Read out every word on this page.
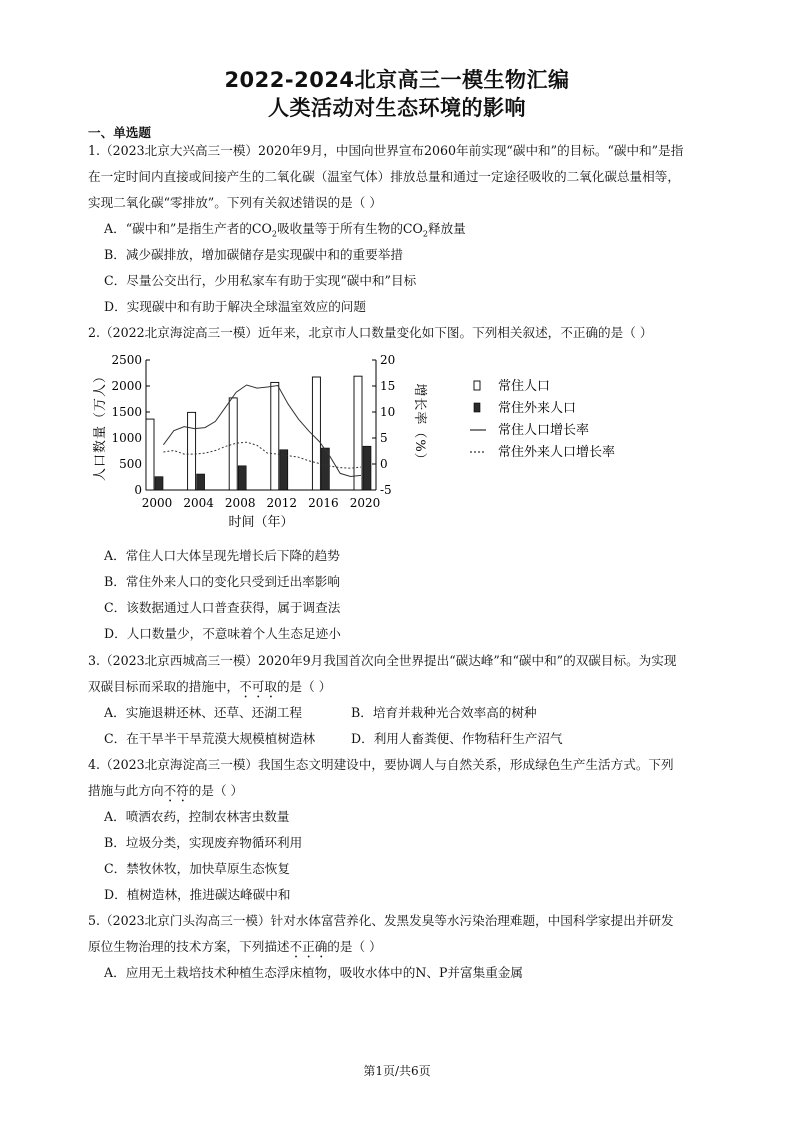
2022-2024北京高三一模生物汇编
人类活动对生态环境的影响
一、单选题
1.（2023北京大兴高三一模）2020年9月，中国向世界宣布2060年前实现“碳中和”的目标。“碳中和”是指
在一定时间内直接或间接产生的二氧化碳（温室气体）排放总量和通过一定途径吸收的二氧化碳总量相等，
实现二氧化碳“零排放”。下列有关叙述错误的是（ ）
A．“碳中和”是指生产者的$CO_2$吸收量等于所有生物的$CO_2$释放量
B．减少碳排放，增加碳储存是实现碳中和的重要举措
C．尽量公交出行，少用私家车有助于实现“碳中和”目标
D．实现碳中和有助于解决全球温室效应的问题
2.（2022北京海淀高三一模）近年来，北京市人口数量变化如下图。下列相关叙述，不正确的是（ ）
0
500
1000
1500
2000
2500
-5
0
5
10
15
20
2000 2004 2008 2012 2016 2020
时间（年）
人口数量（万人）	增长率（%）	常住人口
常住外来人口
常住人口增长率
常住外来人口增长率
A．常住人口大体呈现先增长后下降的趋势
B．常住外来人口的变化只受到迁出率影响
C．该数据通过人口普查获得，属于调查法
D．人口数量少，不意味着个人生态足迹小
3.（2023北京西城高三一模）2020年9月我国首次向全世界提出“碳达峰”和“碳中和”的双碳目标。为实现
双碳目标而采取的措施中，不可取的是（ ）
A．实施退耕还林、还草、还湖工程	B．培育并栽种光合效率高的树种
C．在干旱半干旱荒漠大规模植树造林	D．利用人畜粪便、作物秸秆生产沼气
4.（2023北京海淀高三一模）我国生态文明建设中，要协调人与自然关系，形成绿色生产生活方式。下列
措施与此方向不符的是（ ）
A．喷洒农药，控制农林害虫数量
B．垃圾分类，实现废弃物循环利用
C．禁牧休牧，加快草原生态恢复
D．植树造林，推进碳达峰碳中和
5.（2023北京门头沟高三一模）针对水体富营养化、发黑发臭等水污染治理难题，中国科学家提出并研发
原位生物治理的技术方案，下列描述不正确的是（ ）
A．应用无土栽培技术种植生态浮床植物，吸收水体中的N、P并富集重金属
第1页/共6页
